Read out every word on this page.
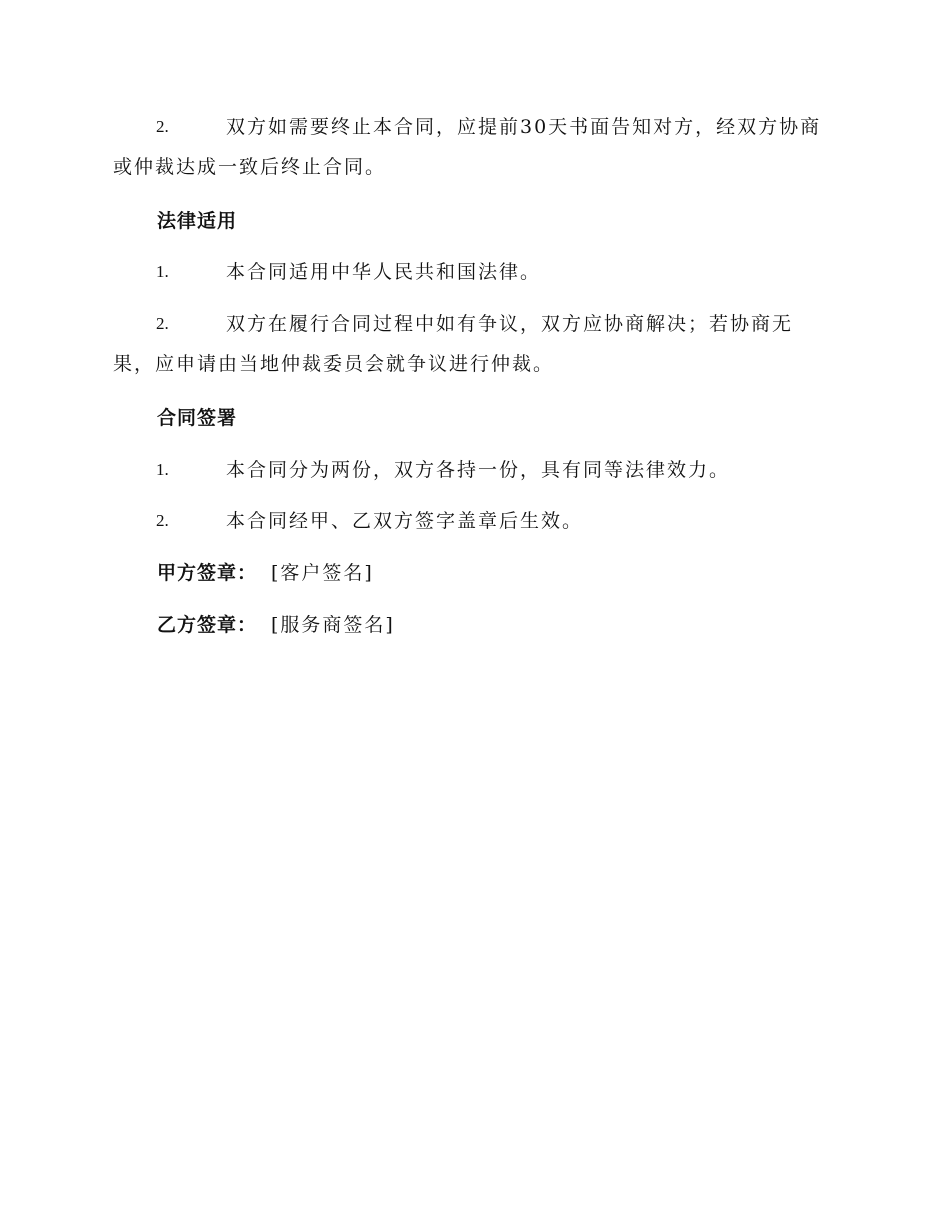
2.	双方如需要终止本合同，应提前30天书面告知对方，经双方协商或仲裁达成一致后终止合同。
法律适用
1.	本合同适用中华人民共和国法律。
2.	双方在履行合同过程中如有争议，双方应协商解决；若协商无果，应申请由当地仲裁委员会就争议进行仲裁。
合同签署
1.	本合同分为两份，双方各持一份，具有同等法律效力。
2.	本合同经甲、乙双方签字盖章后生效。
甲方签章： [客户签名]
乙方签章： [服务商签名]
